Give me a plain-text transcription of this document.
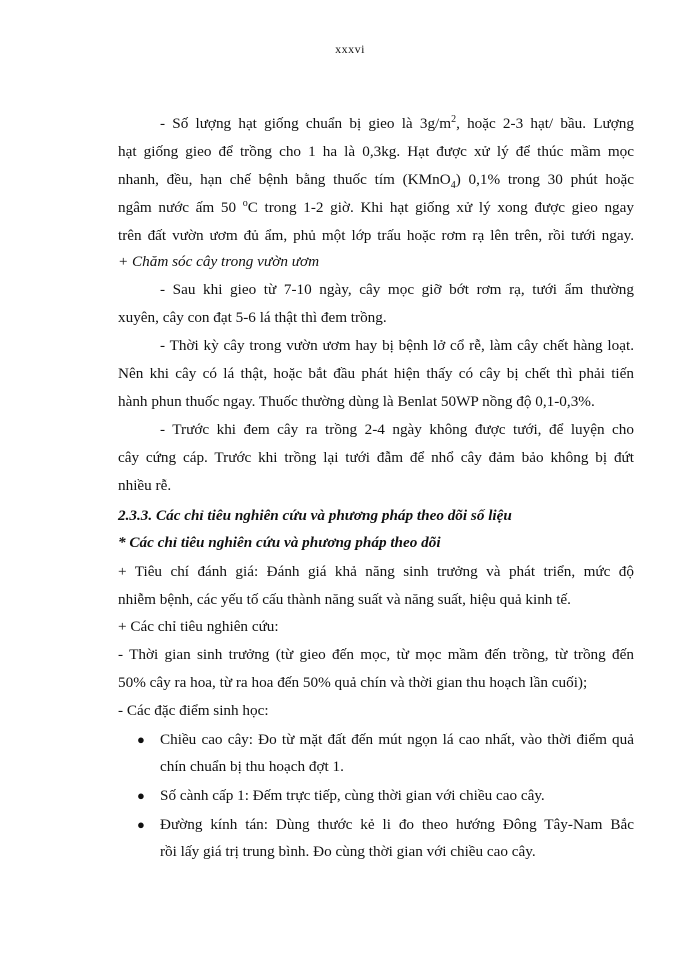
xxxvi
- Số lượng hạt giống chuẩn bị gieo là $3g/m^2$, hoặc 2-3 hạt/ bầu. Lượng
hạt giống gieo để trồng cho 1 ha là 0,3kg. Hạt được xử lý để thúc mầm mọc
nhanh, đều, hạn chế bệnh bằng thuốc tím (KMnO$_4$) 0,1% trong 30 phút hoặc
ngâm nước ấm 50 $^o$C trong 1-2 giờ. Khi hạt giống xử lý xong được gieo ngay
trên đất vườn ươm đủ ẩm, phủ một lớp trấu hoặc rơm rạ lên trên, rồi tưới ngay.
+ Chăm sóc cây trong vườn ươm
- Sau khi gieo từ 7-10 ngày, cây mọc giỡ bớt rơm rạ, tưới ẩm thường
xuyên, cây con đạt 5-6 lá thật thì đem trồng.
- Thời kỳ cây trong vườn ươm hay bị bệnh lở cổ rễ, làm cây chết hàng loạt.
Nên khi cây có lá thật, hoặc bắt đầu phát hiện thấy có cây bị chết thì phải tiến
hành phun thuốc ngay. Thuốc thường dùng là Benlat 50WP nồng độ 0,1-0,3%.
- Trước khi đem cây ra trồng 2-4 ngày không được tưới, để luyện cho
cây cứng cáp. Trước khi trồng lại tưới đẫm để nhổ cây đảm bảo không bị đứt
nhiều rễ.
2.3.3. Các chỉ tiêu nghiên cứu và phương pháp theo dõi số liệu
* Các chỉ tiêu nghiên cứu và phương pháp theo dõi
+ Tiêu chí đánh giá: Đánh giá khả năng sinh trưởng và phát triển, mức độ
nhiễm bệnh, các yếu tố cấu thành năng suất và năng suất, hiệu quả kinh tế.
+ Các chỉ tiêu nghiên cứu:
- Thời gian sinh trưởng (từ gieo đến mọc, từ mọc mầm đến trồng, từ trồng đến
50% cây ra hoa, từ ra hoa đến 50% quả chín và thời gian thu hoạch lần cuối);
- Các đặc điểm sinh học:
● Chiều cao cây: Đo từ mặt đất đến mút ngọn lá cao nhất, vào thời điểm quả
chín chuẩn bị thu hoạch đợt 1.
● Số cành cấp 1: Đếm trực tiếp, cùng thời gian với chiều cao cây.
● Đường kính tán: Dùng thước kẻ li đo theo hướng Đông Tây-Nam Bắc
rồi lấy giá trị trung bình. Đo cùng thời gian với chiều cao cây.
